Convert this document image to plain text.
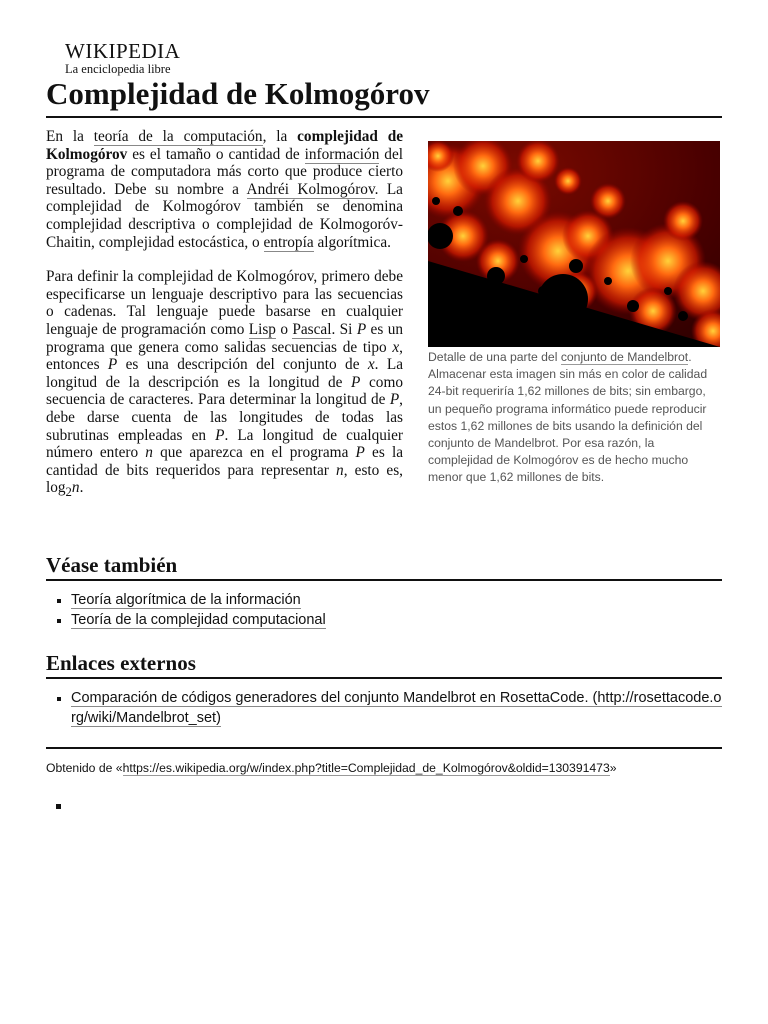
WIKIPEDIA
La enciclopedia libre
Complejidad de Kolmogórov

En la teoría de la computación, la complejidad de Kolmogórov es el tamaño o cantidad de información del programa de computadora más corto que produce cierto resultado. Debe su nombre a Andréi Kolmogórov. La complejidad de Kolmogórov también se denomina complejidad descriptiva o complejidad de Kolmogoróv-Chaitin, complejidad estocástica, o entropía algorítmica.

Para definir la complejidad de Kolmogórov, primero debe especificarse un lenguaje descriptivo para las secuencias o cadenas. Tal lenguaje puede basarse en cualquier lenguaje de programación como Lisp o Pascal. Si P es un programa que genera como salidas secuencias de tipo x, entonces P es una descripción del conjunto de x. La longitud de la descripción es la longitud de P como secuencia de caracteres. Para determinar la longitud de P, debe darse cuenta de las longitudes de todas las subrutinas empleadas en P. La longitud de cualquier número entero n que aparezca en el programa P es la cantidad de bits requeridos para representar n, esto es, $\log_2n$.

Detalle de una parte del conjunto de Mandelbrot. Almacenar esta imagen sin más en color de calidad 24-bit requeriría 1,62 millones de bits; sin embargo, un pequeño programa informático puede reproducir estos 1,62 millones de bits usando la definición del conjunto de Mandelbrot. Por esa razón, la complejidad de Kolmogórov es de hecho mucho menor que 1,62 millones de bits.
Véase también
Teoría algorítmica de la información
Teoría de la complejidad computacional
Enlaces externos
Comparación de códigos generadores del conjunto Mandelbrot en RosettaCode. (http://rosettacode.org/wiki/Mandelbrot_set)
Obtenido de «https://es.wikipedia.org/w/index.php?title=Complejidad_de_Kolmogórov&oldid=130391473»
